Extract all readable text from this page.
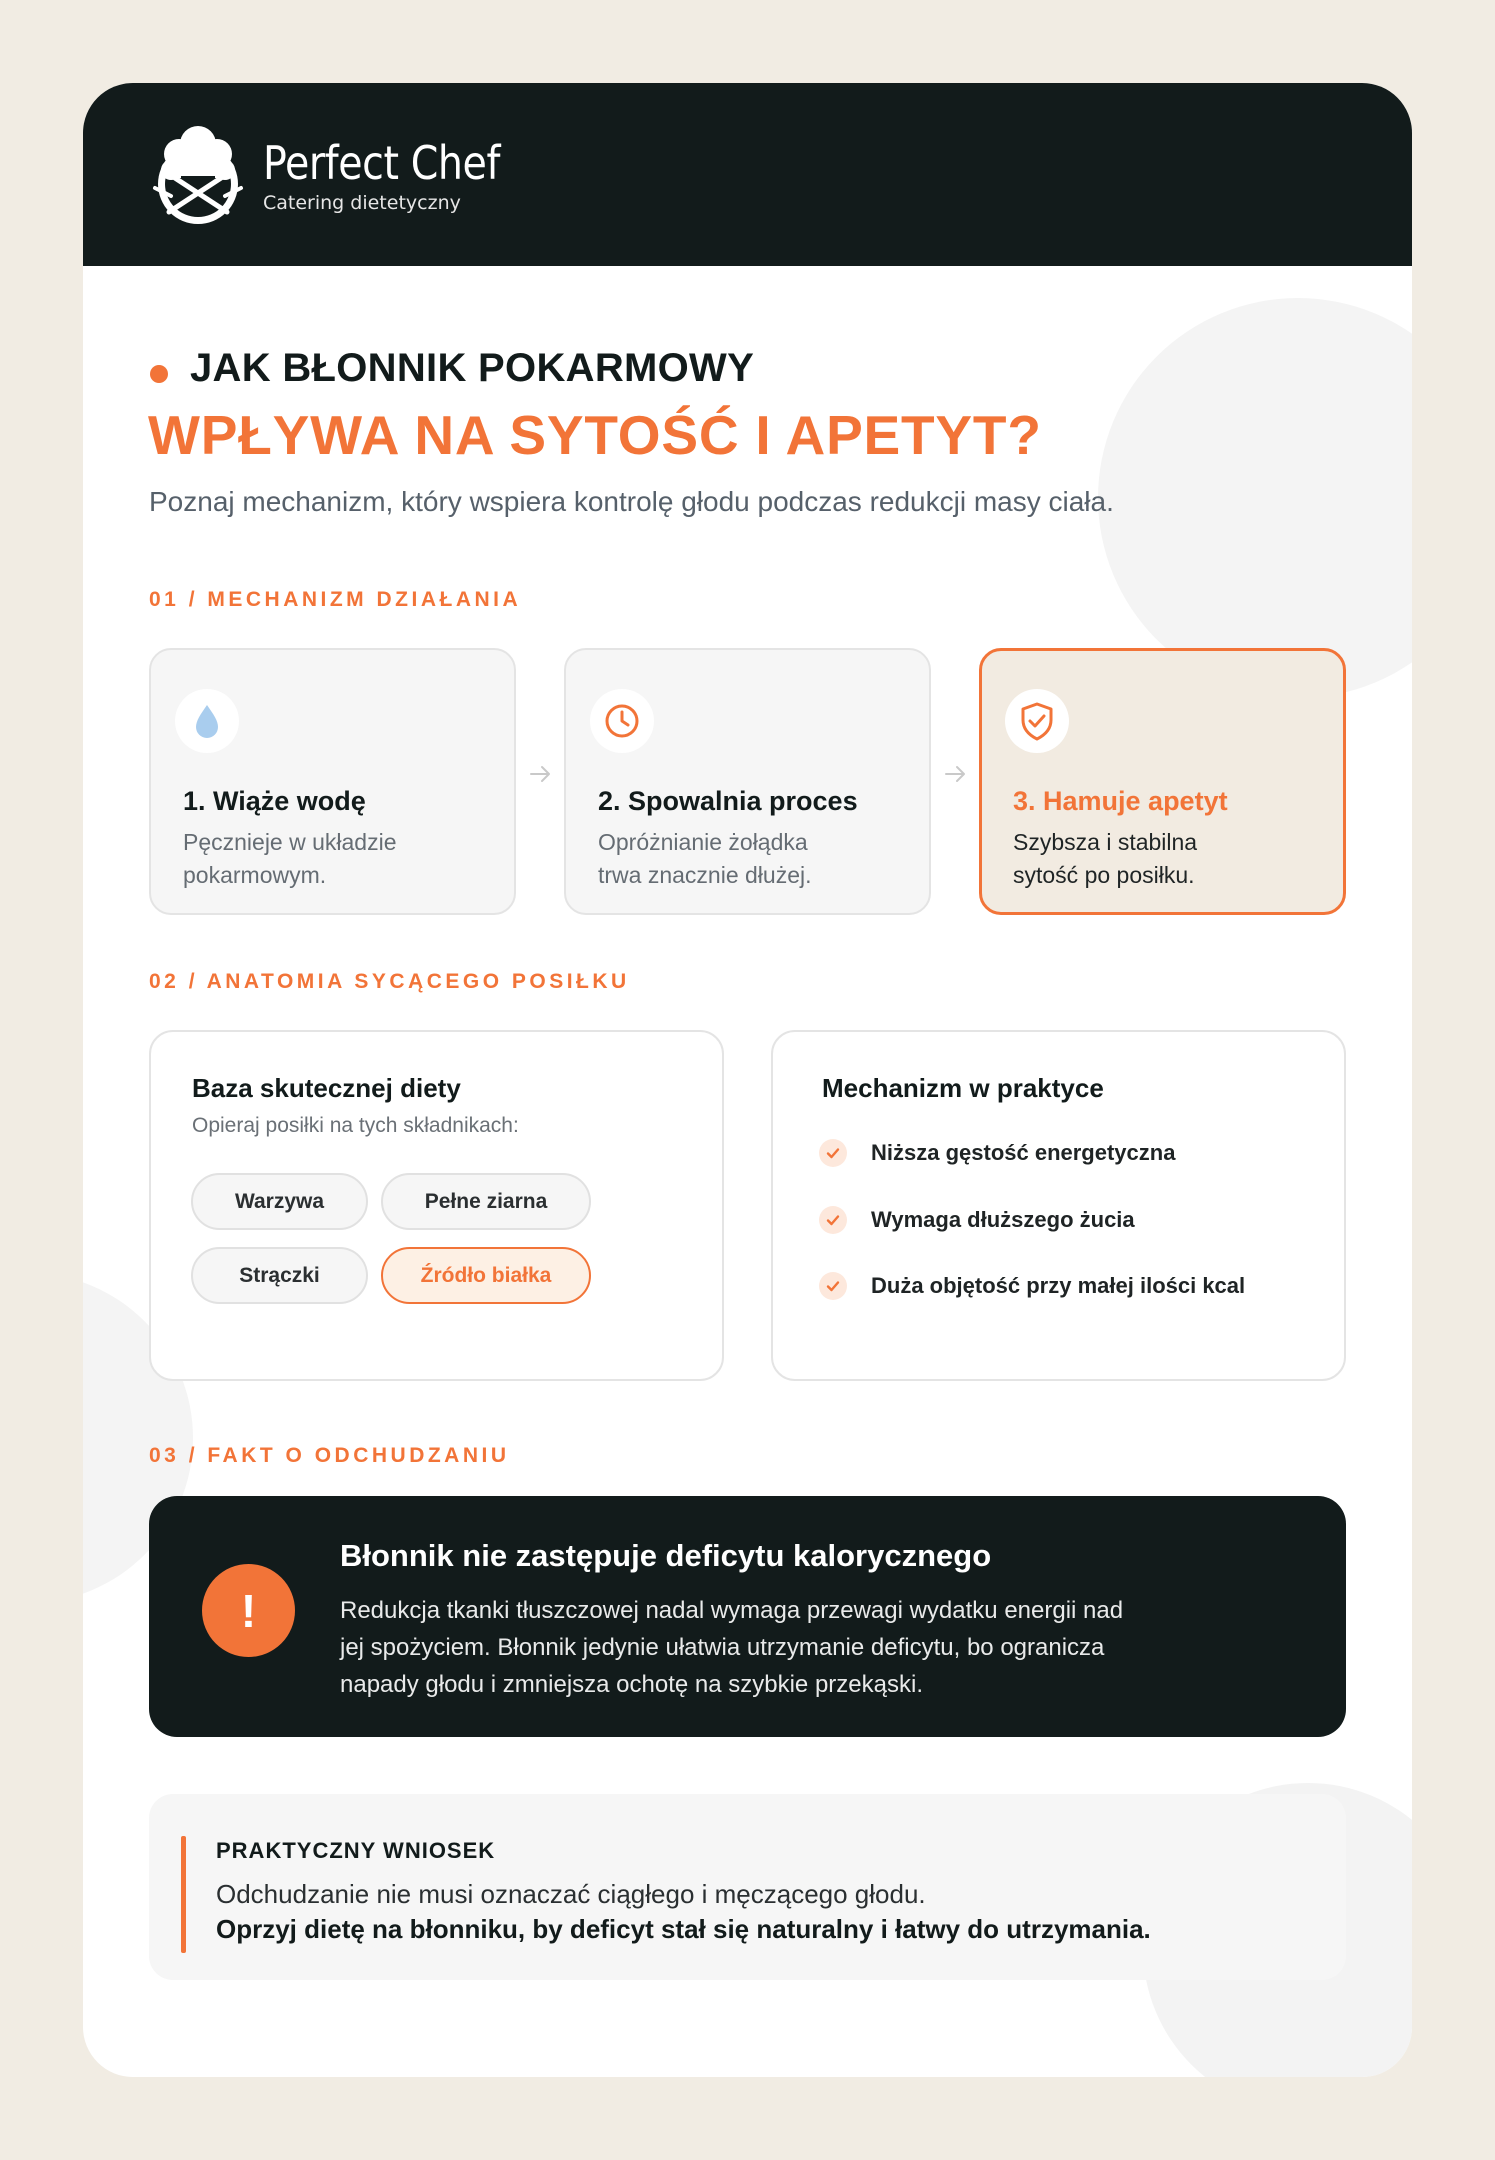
Perfect Chef
Catering dietetyczny
JAK BŁONNIK POKARMOWY
WPŁYWA NA SYTOŚĆ I APETYT?
Poznaj mechanizm, który wspiera kontrolę głodu podczas redukcji masy ciała.
01 / MECHANIZM DZIAŁANIA
1. Wiąże wodę
Pęcznieje w układzie
pokarmowym.
2. Spowalnia proces
Opróżnianie żołądka
trwa znacznie dłużej.
3. Hamuje apetyt
Szybsza i stabilna
sytość po posiłku.
02 / ANATOMIA SYCĄCEGO POSIŁKU
Baza skutecznej diety
Opieraj posiłki na tych składnikach:
Warzywa	Pełne ziarna
Strączki	Źródło białka
Mechanizm w praktyce
Niższa gęstość energetyczna
Wymaga dłuższego żucia
Duża objętość przy małej ilości kcal
03 / FAKT O ODCHUDZANIU
!
Błonnik nie zastępuje deficytu kalorycznego
Redukcja tkanki tłuszczowej nadal wymaga przewagi wydatku energii nad
jej spożyciem. Błonnik jedynie ułatwia utrzymanie deficytu, bo ogranicza
napady głodu i zmniejsza ochotę na szybkie przekąski.
PRAKTYCZNY WNIOSEK
Odchudzanie nie musi oznaczać ciągłego i męczącego głodu.
Oprzyj dietę na błonniku, by deficyt stał się naturalny i łatwy do utrzymania.
